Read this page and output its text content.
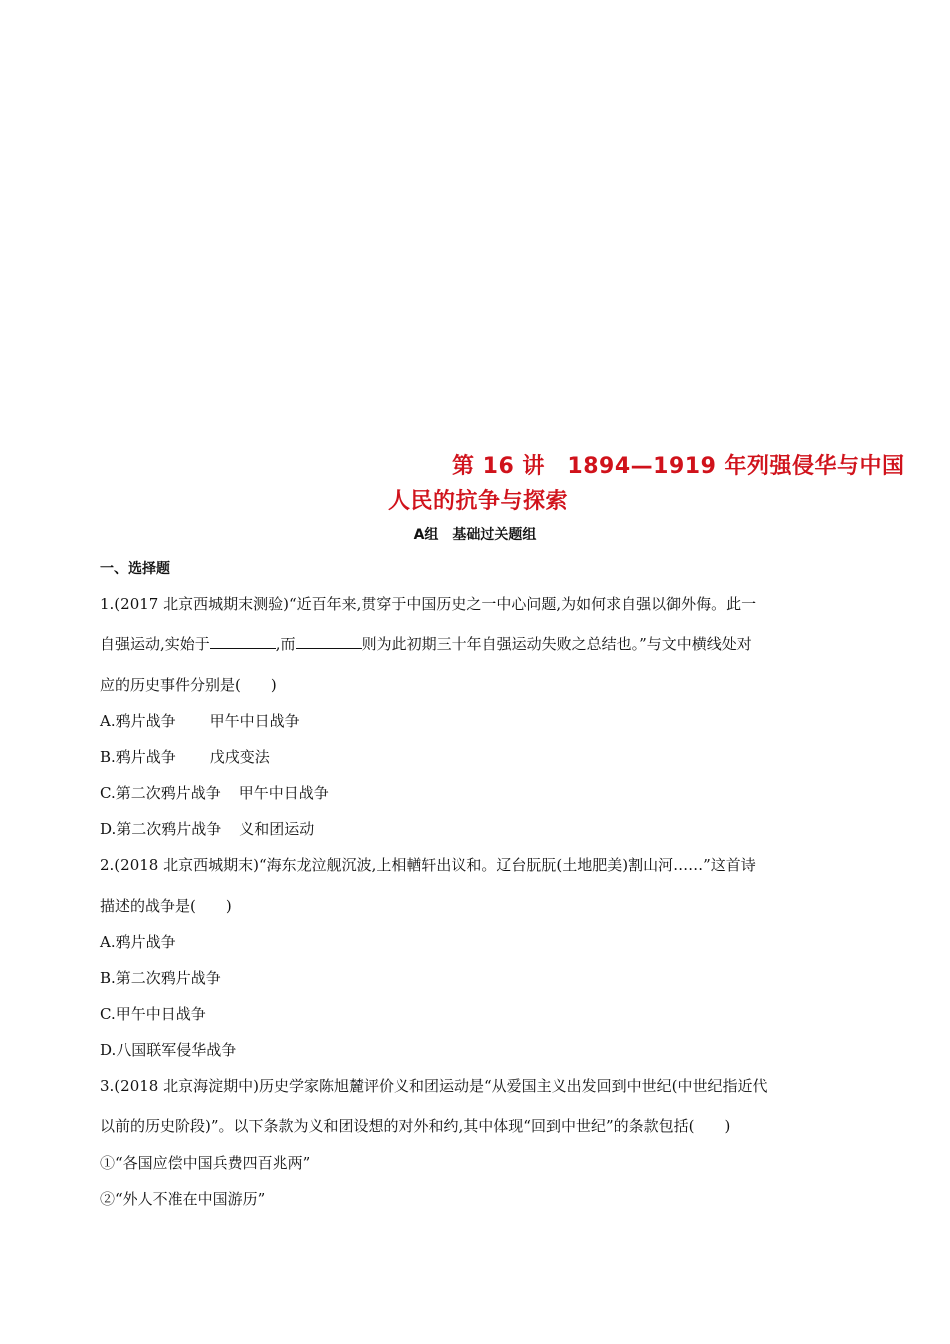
第 16 讲　1894—1919 年列强侵华与中国
人民的抗争与探索
A组　基础过关题组
一、选择题
1.(2017 北京西城期末测验)“近百年来,贯穿于中国历史之一中心问题,为如何求自强以御外侮。此一
自强运动,实始于	,而	则为此初期三十年自强运动失败之总结也。”与文中横线处对
应的历史事件分别是(　　)
A.鸦片战争 甲午中日战争
B.鸦片战争 戊戌变法
C.第二次鸦片战争 甲午中日战争
D.第二次鸦片战争 义和团运动
2.(2018 北京西城期末)“海东龙泣舰沉波,上相輶轩出议和。辽台朊朊(土地肥美)割山河……”这首诗
描述的战争是(　　)
A.鸦片战争
B.第二次鸦片战争
C.甲午中日战争
D.八国联军侵华战争
3.(2018 北京海淀期中)历史学家陈旭麓评价义和团运动是“从爱国主义出发回到中世纪(中世纪指近代
以前的历史阶段)”。以下条款为义和团设想的对外和约,其中体现“回到中世纪”的条款包括(　　)
①“各国应偿中国兵费四百兆两”
②“外人不准在中国游历”
